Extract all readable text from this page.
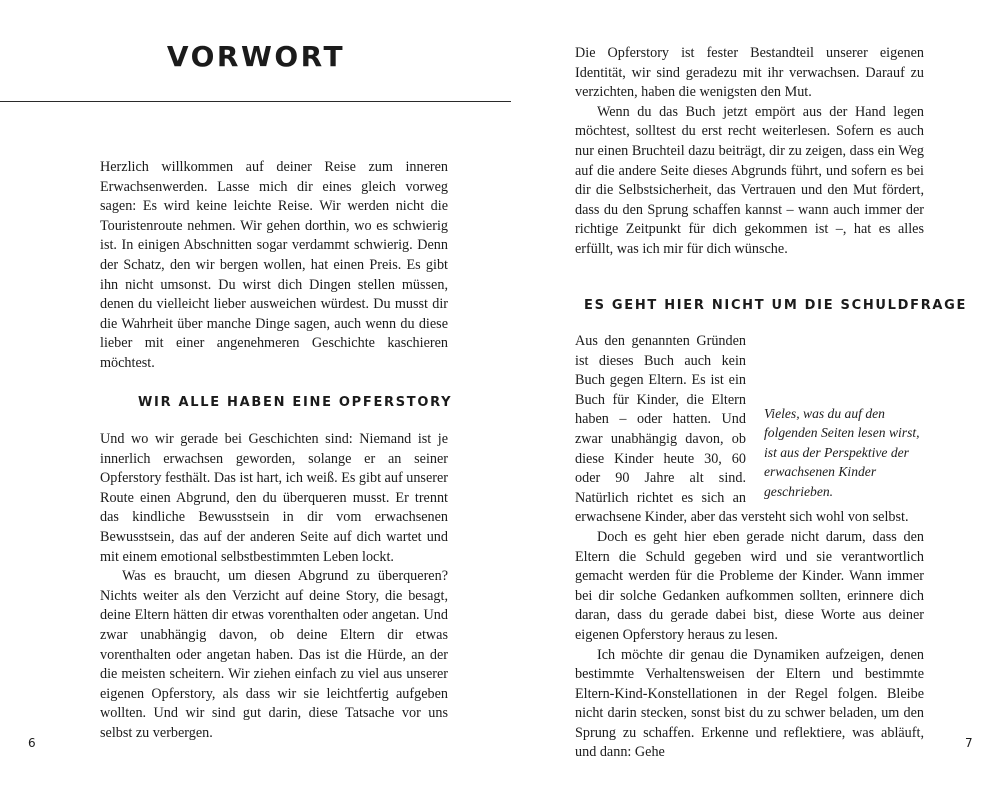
VORWORT

Herzlich willkommen auf deiner Reise zum inneren Erwachsenwerden. Lasse mich dir eines gleich vorweg sagen: Es wird keine leichte Reise. Wir werden nicht die Touristenroute nehmen. Wir gehen dorthin, wo es schwierig ist. In einigen Abschnitten sogar verdammt schwierig. Denn der Schatz, den wir bergen wollen, hat einen Preis. Es gibt ihn nicht umsonst. Du wirst dich Dingen stellen müssen, denen du vielleicht lieber ausweichen würdest. Du musst dir die Wahrheit über manche Dinge sagen, auch wenn du diese lieber mit einer angenehmeren Geschichte kaschieren möchtest.

WIR ALLE HABEN EINE OPFERSTORY

Und wo wir gerade bei Geschichten sind: Niemand ist je innerlich erwachsen geworden, solange er an seiner Opferstory festhält. Das ist hart, ich weiß. Es gibt auf unserer Route einen Abgrund, den du überqueren musst. Er trennt das kindliche Bewusstsein in dir vom erwachsenen Bewusstsein, das auf der anderen Seite auf dich wartet und mit einem emotional selbstbestimmten Leben lockt.

Was es braucht, um diesen Abgrund zu überqueren? Nichts weiter als den Verzicht auf deine Story, die besagt, deine Eltern hätten dir etwas vorenthalten oder angetan. Und zwar unabhängig davon, ob deine Eltern dir etwas vorenthalten oder angetan haben. Das ist die Hürde, an der die meisten scheitern. Wir ziehen einfach zu viel aus unserer eigenen Opferstory, als dass wir sie leichtfertig aufgeben wollten. Und wir sind gut darin, diese Tatsache vor uns selbst zu verbergen.

6

Die Opferstory ist fester Bestandteil unserer eigenen Identität, wir sind geradezu mit ihr verwachsen. Darauf zu verzichten, haben die wenigsten den Mut.

Wenn du das Buch jetzt empört aus der Hand legen möchtest, solltest du erst recht weiterlesen. Sofern es auch nur einen Bruchteil dazu beiträgt, dir zu zeigen, dass ein Weg auf die andere Seite dieses Abgrunds führt, und sofern es bei dir die Selbstsicherheit, das Vertrauen und den Mut fördert, dass du den Sprung schaffen kannst – wann auch immer der richtige Zeitpunkt für dich gekommen ist –, hat es alles erfüllt, was ich mir für dich wünsche.

ES GEHT HIER NICHT UM DIE SCHULDFRAGE

Vieles, was du auf den folgenden Seiten lesen wirst, ist aus der Perspektive der erwachsenen Kinder geschrieben.
Aus den genannten Gründen ist dieses Buch auch kein Buch gegen Eltern. Es ist ein Buch für Kinder, die Eltern haben – oder hatten. Und zwar unabhängig davon, ob diese Kinder heute 30, 60 oder 90 Jahre alt sind. Natürlich richtet es sich an erwachsene Kinder, aber das versteht sich wohl von selbst.

Doch es geht hier eben gerade nicht darum, dass den Eltern die Schuld gegeben wird und sie verantwortlich gemacht werden für die Probleme der Kinder. Wann immer bei dir solche Gedanken aufkommen sollten, erinnere dich daran, dass du gerade dabei bist, diese Worte aus deiner eigenen Opferstory heraus zu lesen.

Ich möchte dir genau die Dynamiken aufzeigen, denen bestimmte Verhaltensweisen der Eltern und bestimmte Eltern-Kind-Konstellationen in der Regel folgen. Bleibe nicht darin stecken, sonst bist du zu schwer beladen, um den Sprung zu schaffen. Erkenne und reflektiere, was abläuft, und dann: Gehe

7
